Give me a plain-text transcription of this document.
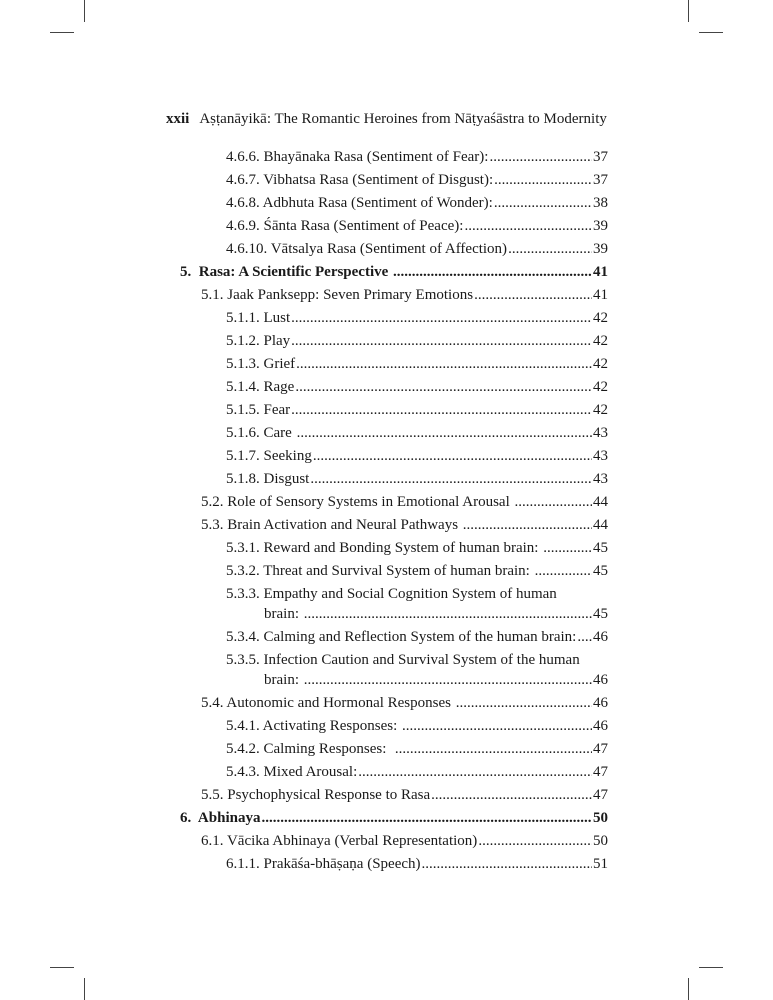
xxii Aṣṭanāyikā: The Romantic Heroines from Nāṭyaśāstra to Modernity
4.6.6. Bhayānaka Rasa (Sentiment of Fear): .....	37
4.6.7. Vibhatsa Rasa (Sentiment of Disgust): .....	37
4.6.8. Adbhuta Rasa (Sentiment of Wonder): .....	38
4.6.9. Śānta Rasa (Sentiment of Peace): .....	39
4.6.10. Vātsalya Rasa (Sentiment of Affection) .....	39
5.  Rasa: A Scientific Perspective .....	41
5.1. Jaak Panksepp: Seven Primary Emotions .....	41
5.1.1. Lust .....	42
5.1.2. Play .....	42
5.1.3. Grief .....	42
5.1.4. Rage .....	42
5.1.5. Fear .....	42
5.1.6. Care .....	43
5.1.7. Seeking .....	43
5.1.8. Disgust .....	43
5.2. Role of Sensory Systems in Emotional Arousal .....	44
5.3. Brain Activation and Neural Pathways .....	44
5.3.1. Reward and Bonding System of human brain: .....	45
5.3.2. Threat and Survival System of human brain: .....	45
5.3.3. Empathy and Social Cognition System of human
brain: .....	45
5.3.4. Calming and Reflection System of the human brain: ..... 46
5.3.5. Infection Caution and Survival System of the human
brain: .....	46
5.4. Autonomic and Hormonal Responses .....	46
5.4.1. Activating Responses: .....	46
5.4.2. Calming Responses: .....	47
5.4.3. Mixed Arousal: .....	47
5.5. Psychophysical Response to Rasa .....	47
6.  Abhinaya .....	50
6.1. Vācika Abhinaya (Verbal Representation) .....	50
6.1.1. Prakāśa-bhāṣaṇa (Speech) .....	51
